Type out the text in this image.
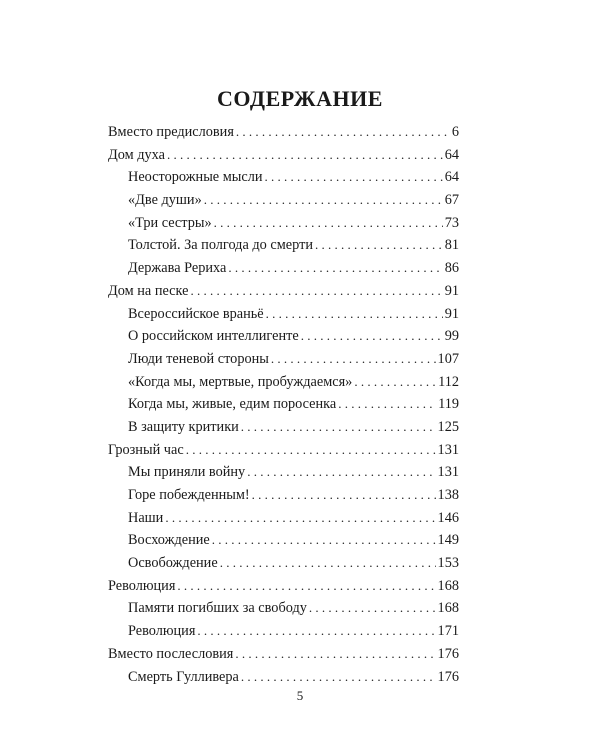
СОДЕРЖАНИЕ
Вместо предисловия . . .	6
Дом духа . . .	64
Неосторожные мысли . . .	64
«Две души» . . .	67
«Три сестры» . . .	73
Толстой. За полгода до смерти . . .	81
Держава Рериха . . .	86
Дом на песке . . .	91
Всероссийское враньё . . .	91
О российском интеллигенте . . .	99
Люди теневой стороны . . .	107
«Когда мы, мертвые, пробуждаемся» . . .	112
Когда мы, живые, едим поросенка . . .	119
В защиту критики . . .	125
Грозный час . . .	131
Мы приняли войну . . .	131
Горе побежденным! . . .	138
Наши . . .	146
Восхождение . . .	149
Освобождение . . .	153
Революция . . .	168
Памяти погибших за свободу . . .	168
Революция . . .	171
Вместо послесловия . . .	176
Смерть Гулливера . . .	176
5
